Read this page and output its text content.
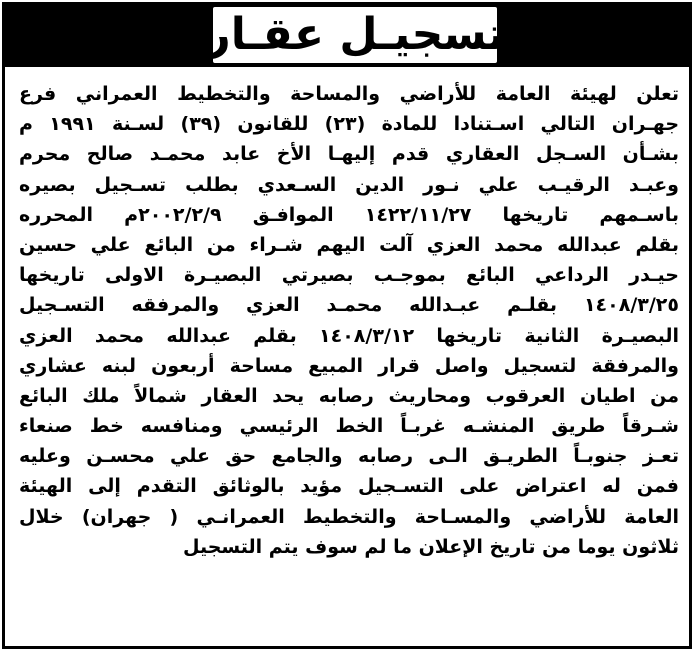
تسجيـل عقـار
تعلن لهيئة العامة للأراضي والمساحة والتخطيط العمراني فرع
جهـران التالي اسـتنادا للمادة (٢٣) للقانون (٣٩) لسـنة ١٩٩١ م
بشـأن السـجل العقاري قدم إليهـا الأخ عابد محمـد صالح محرم
وعبـد الرقيـب علي نـور الدين السـعدي بطلب تسـجيل بصيره
باسـمهم تاريخها ١٤٢٢/١١/٢٧ الموافـق ٢٠٠٢/٢/٩م المحرره
بقلم عبدالله محمد العزي آلت اليهم شـراء من البائع علي حسين
حيـدر الرداعي البائع بموجـب بصيرتي البصيـرة الاولى تاريخها
١٤٠٨/٣/٢٥ بقلـم عبـدالله محمـد العزي والمرفقه التسـجيل
البصيـرة الثانية تاريخها ١٤٠٨/٣/١٢ بقلم عبدالله محمد العزي
والمرفقة لتسجيل واصل قرار المبيع مساحة أربعون لبنه عشاري
من اطيان العرقوب ومحاريث رصابه يحد العقار شمالاً ملك البائع
شـرقاً طريق المنشـه غربـاً الخط الرئيسي ومنافسه خط صنعاء
تعـز جنوبـاً الطريـق الـى رصابه والجامع حق علي محسـن وعليه
فمن له اعتراض على التسـجيل مؤيد بالوثائق التقدم إلى الهيئة
العامة للأراضي والمسـاحة والتخطيط العمرانـي ( جهران) خلال
ثلاثون يوما من تاريخ الإعلان ما لم سوف يتم التسجيل
